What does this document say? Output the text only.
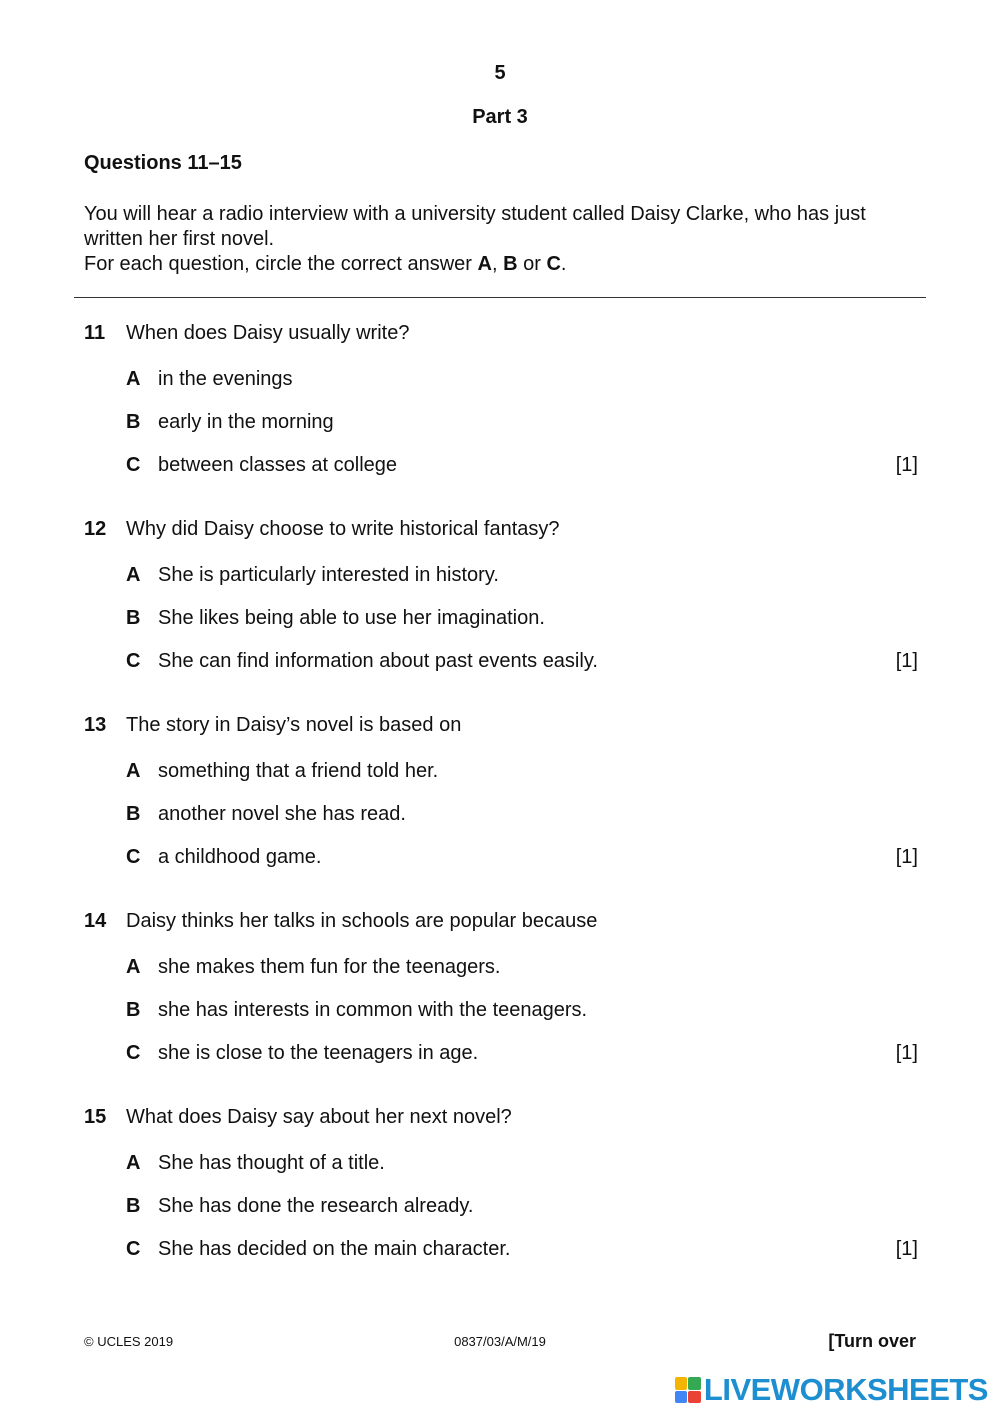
5
Part 3
Questions 11–15

You will hear a radio interview with a university student called Daisy Clarke, who has just written her first novel.

For each question, circle the correct answer A, B or C.

11	When does Daisy usually write?
A in the evenings
B early in the morning
C between classes at college	[1]
12 Why did Daisy choose to write historical fantasy?
A She is particularly interested in history.
B She likes being able to use her imagination.
C She can find information about past events easily.	[1]
13 The story in Daisy’s novel is based on
A something that a friend told her.
B another novel she has read.
C a childhood game.	[1]
14 Daisy thinks her talks in schools are popular because
A she makes them fun for the teenagers.
B she has interests in common with the teenagers.
C she is close to the teenagers in age.	[1]
15 What does Daisy say about her next novel?
A She has thought of a title.
B She has done the research already.
C She has decided on the main character.	[1]
© UCLES 2019	0837/03/A/M/19	[Turn over
LIVEWORKSHEETS
